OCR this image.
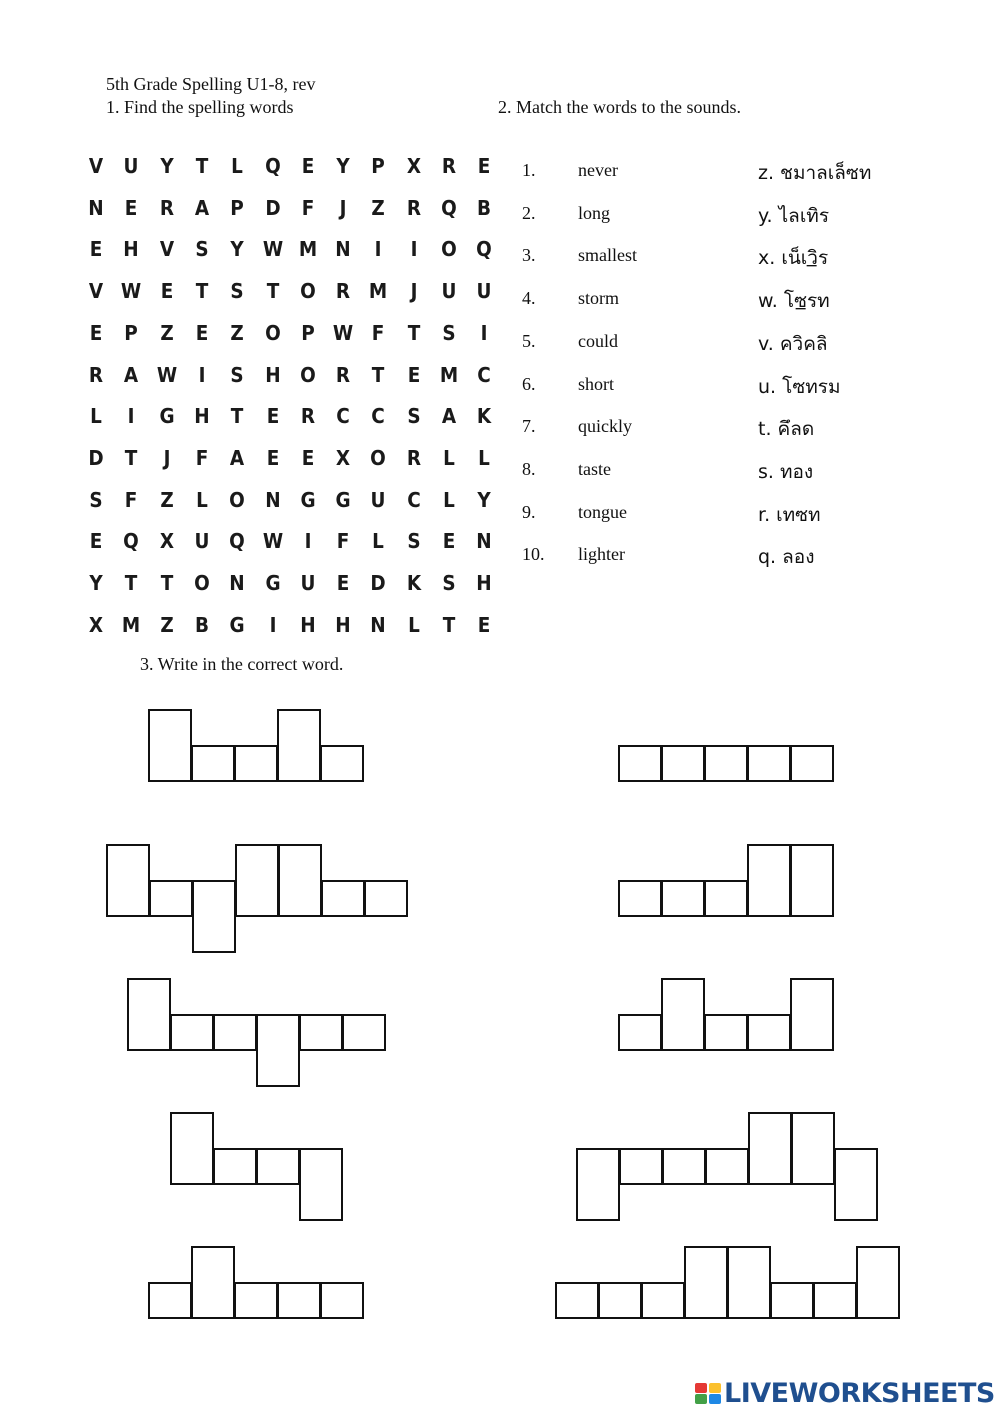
5th Grade Spelling U1-8, rev
1. Find the spelling words	2. Match the words to the sounds.
V	U	Y	T	L	Q	E	Y	P	X	R	E
N	E	R	A	P	D	F	J	Z	R	Q	B
E	H	V	S	Y W M N	I	I	O Q
V W E	T	S	T	O	R M	J	U	U
E	P	Z	E	Z	O	P W F	T	S	I
R	A W	I	S	H O	R	T	E M C
L	I	G	H	T	E	R	C	C	S	A	K
D	T	J	F	A	E	E	X	O	R	L	L
S	F	Z	L	O N	G	G	U	C	L	Y
E	Q	X	U Q W	I	F	L	S	E	N
Y	T	T	O N	G	U	E	D	K	S	H
X M Z	B	G	I	H H N	L	T	E
1. never	z. ชมาลเล็ซท
2. long	y. ไลเทิร
3. smallest	x. เน็เวิ̱ร
4. storm	w. โซ̱รท
5. could	v. ควิคลิ
6. short	u. โซทรม
7. quickly	t. คึลด
8. taste	s. ทอง
9. tongue	r. เทซท
10. lighter	q. ลอง
3. Write in the correct word.
LIVEWORKSHEETS
